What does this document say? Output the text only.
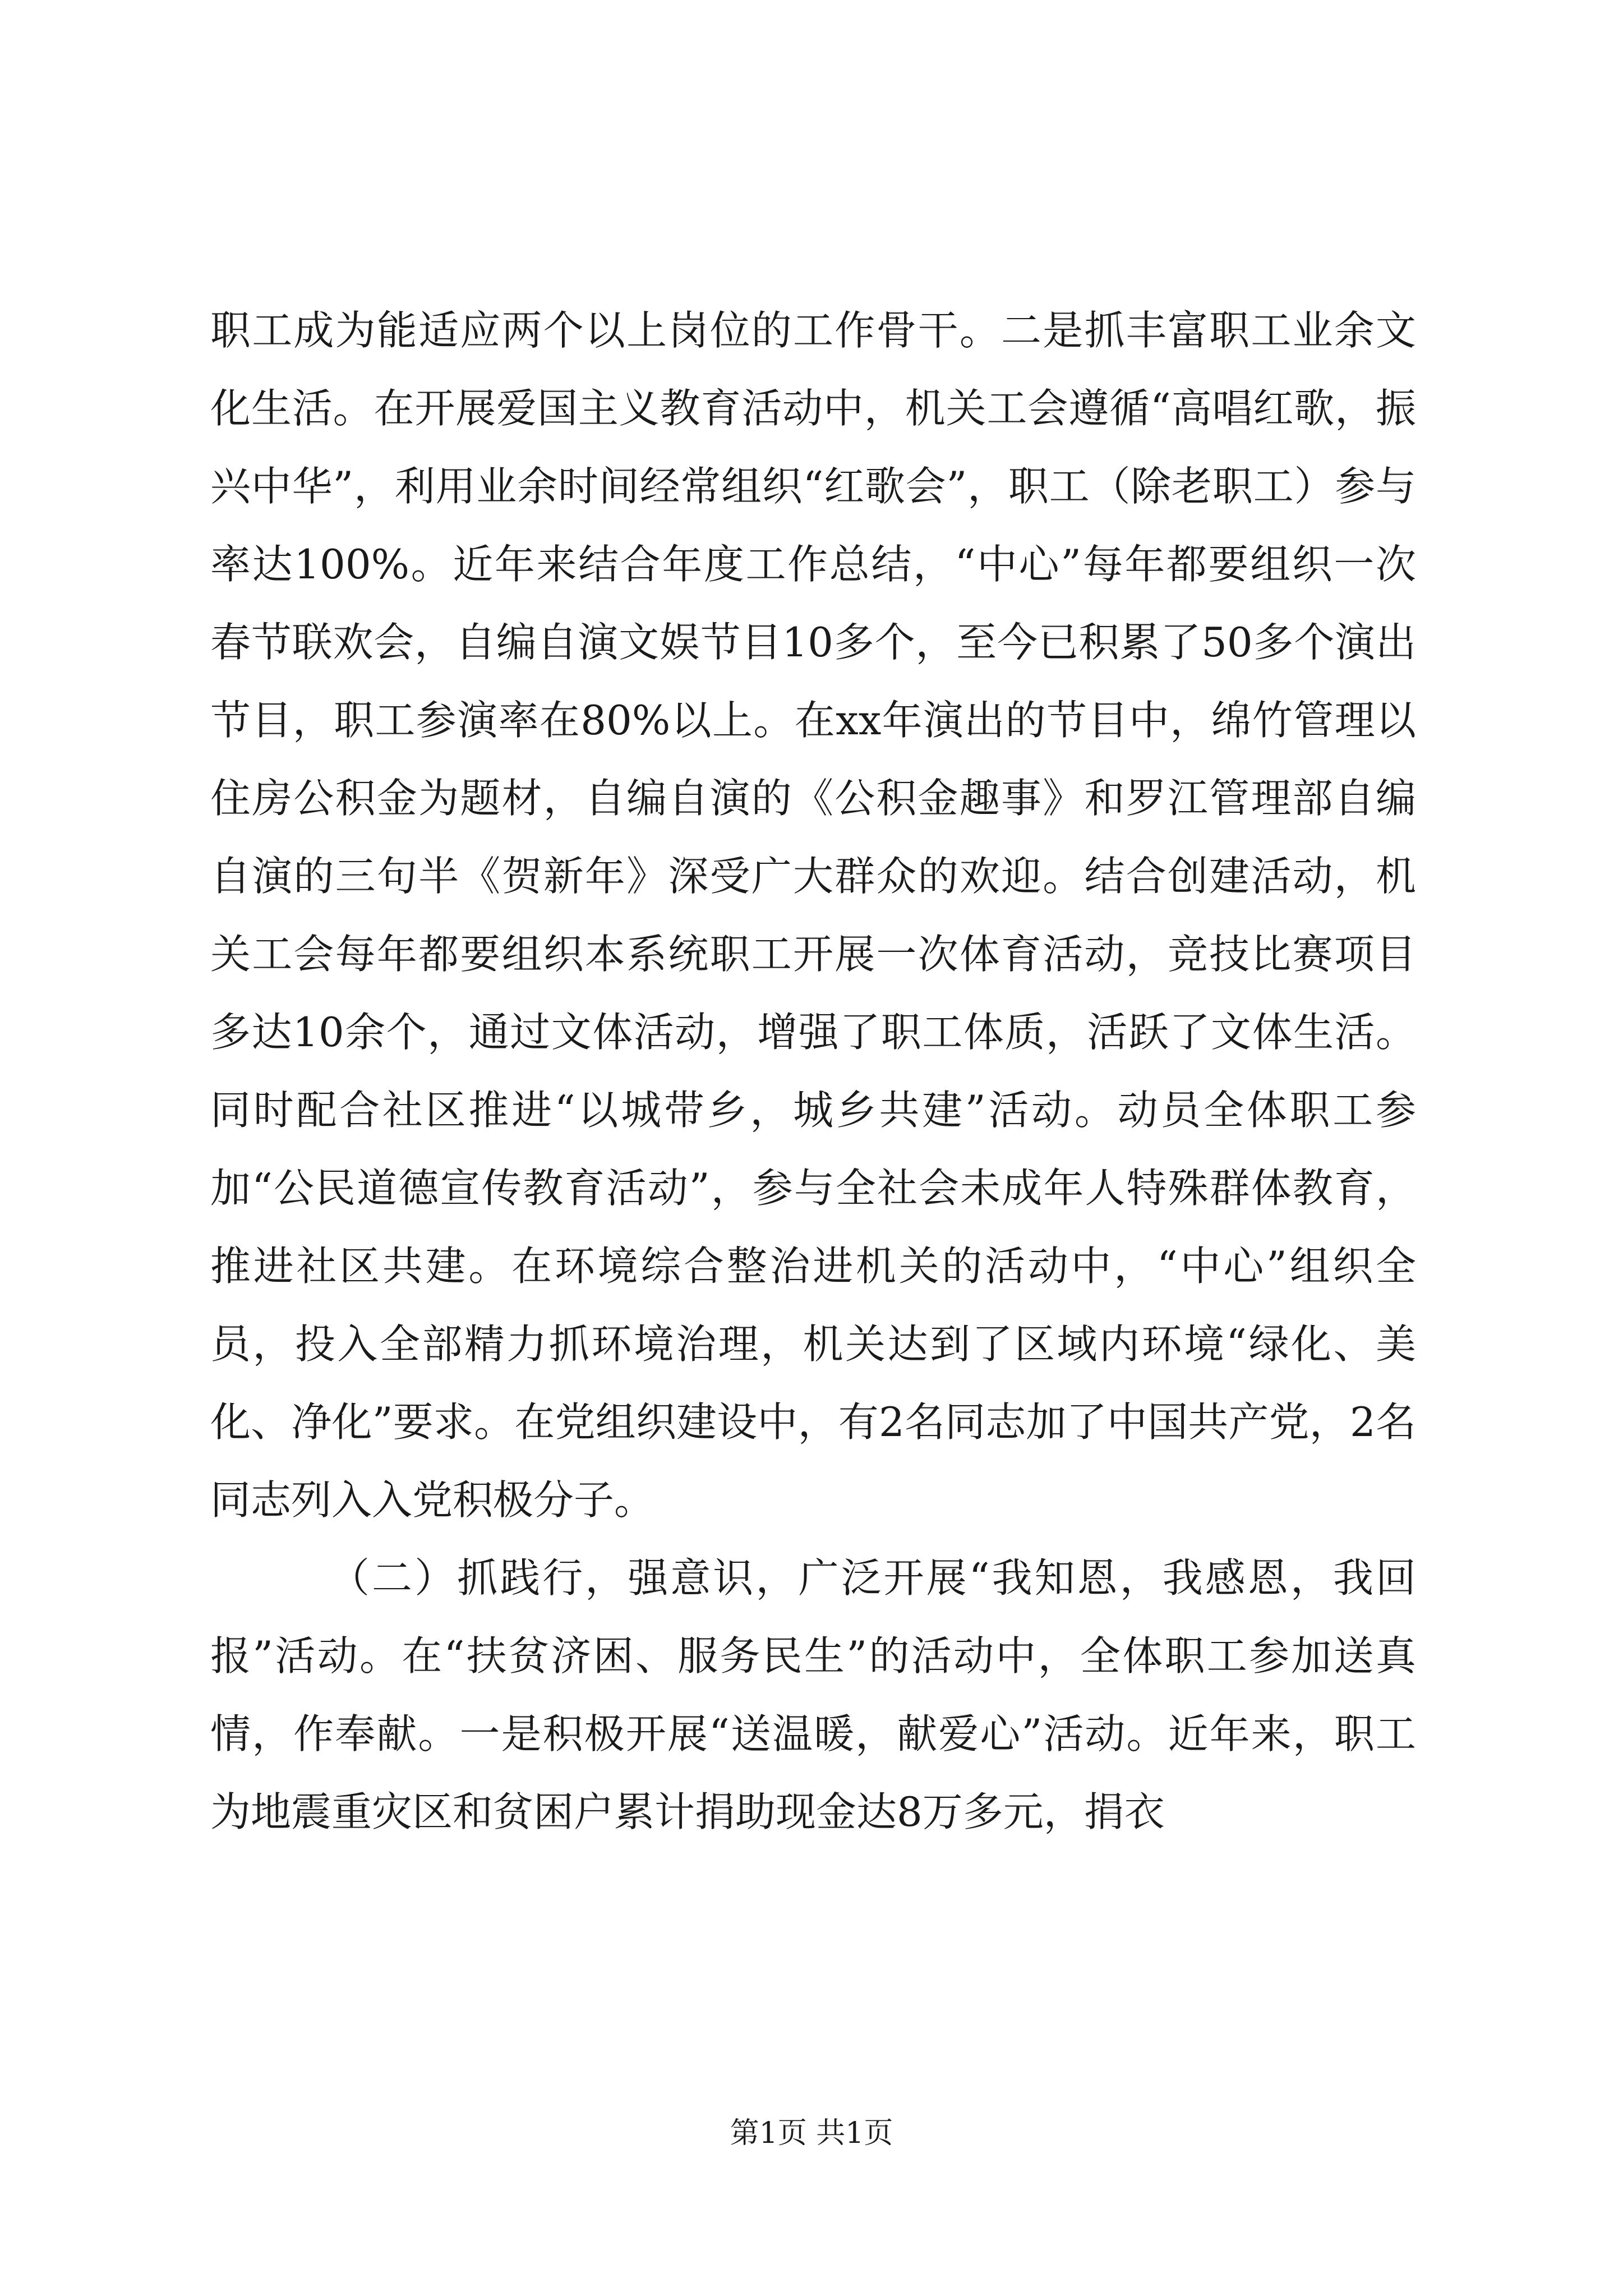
职工成为能适应两个以上岗位的工作骨干。二是抓丰富职工业余文化生活。在开展爱国主义教育活动中，机关工会遵循“高唱红歌，振兴中华”，利用业余时间经常组织“红歌会”，职工（除老职工）参与率达100%。近年来结合年度工作总结，“中心”每年都要组织一次春节联欢会，自编自演文娱节目10多个，至今已积累了50多个演出节目，职工参演率在80%以上。在xx年演出的节目中，绵竹管理以住房公积金为题材，自编自演的《公积金趣事》和罗江管理部自编自演的三句半《贺新年》深受广大群众的欢迎。结合创建活动，机关工会每年都要组织本系统职工开展一次体育活动，竞技比赛项目多达10余个，通过文体活动，增强了职工体质，活跃了文体生活。同时配合社区推进“以城带乡，城乡共建”活动。动员全体职工参加“公民道德宣传教育活动”，参与全社会未成年人特殊群体教育，推进社区共建。在环境综合整治进机关的活动中，“中心”组织全员，投入全部精力抓环境治理，机关达到了区域内环境“绿化、美化、净化”要求。在党组织建设中，有2名同志加了中国共产党，2名同志列入入党积极分子。

（二）抓践行，强意识，广泛开展“我知恩，我感恩，我回报”活动。在“扶贫济困、服务民生”的活动中，全体职工参加送真情，作奉献。一是积极开展“送温暖，献爱心”活动。近年来，职工为地震重灾区和贫困户累计捐助现金达8万多元，捐衣

第1页 共1页
